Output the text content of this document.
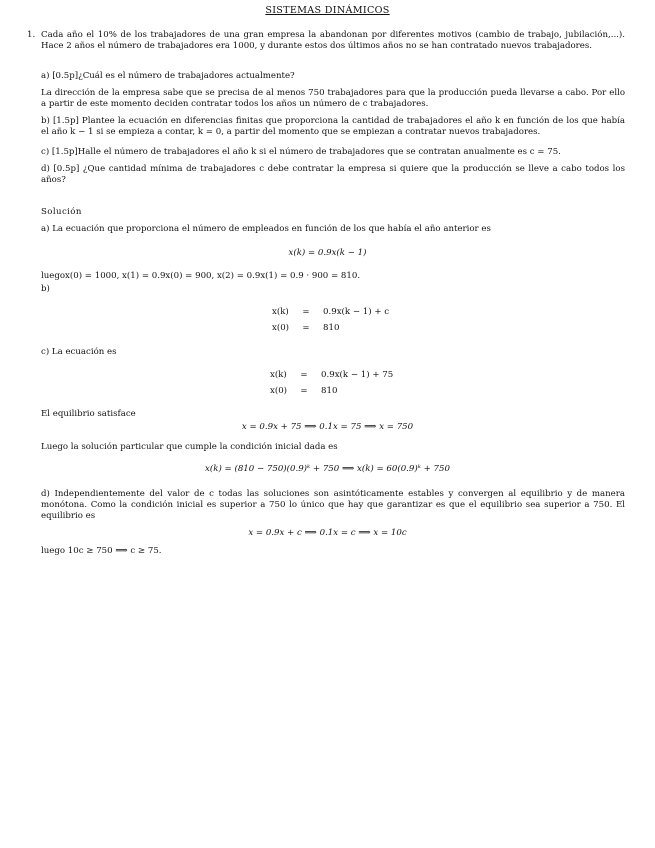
SISTEMAS DINÁMICOS
1. Cada año el 10% de los trabajadores de una gran empresa la abandonan por diferentes motivos (cambio de trabajo, jubilación,...). Hace 2 años el número de trabajadores era 1000, y durante estos dos últimos años no se han contratado nuevos trabajadores.
a) [0.5p]¿Cuál es el número de trabajadores actualmente?
La dirección de la empresa sabe que se precisa de al menos 750 trabajadores para que la producción pueda llevarse a cabo. Por ello a partir de este momento deciden contratar todos los años un número de c trabajadores.
b) [1.5p] Plantee la ecuación en diferencias finitas que proporciona la cantidad de trabajadores el año k en función de los que había el año k − 1 si se empieza a contar, k = 0, a partir del momento que se empiezan a contratar nuevos trabajadores.
c) [1.5p]Halle el número de trabajadores el año k si el número de trabajadores que se contratan anualmente es c = 75.
d) [0.5p] ¿Que cantidad mínima de trabajadores c debe contratar la empresa si quiere que la producción se lleve a cabo todos los años?
Solución
a) La ecuación que proporciona el número de empleados en función de los que había el año anterior es
x(k) = 0.9x(k − 1)
luegox(0) = 1000, x(1) = 0.9x(0) = 900, x(2) = 0.9x(1) = 0.9 · 900 = 810.
b)
x(k)	=	0.9x(k − 1) + c
x(0)	=	810
c) La ecuación es
x(k)	=	0.9x(k − 1) + 75
x(0)	=	810
El equilibrio satisface
x = 0.9x + 75 ⟹ 0.1x = 75 ⟹ x = 750
Luego la solución particular que cumple la condición inicial dada es
x(k) = (810 − 750)(0.9)ᵏ + 750 ⟹ x(k) = 60(0.9)ᵏ + 750
d) Independientemente del valor de c todas las soluciones son asintóticamente estables y convergen al equilibrio y de manera monótona. Como la condición inicial es superior a 750 lo único que hay que garantizar es que el equilibrio sea superior a 750. El equilibrio es
x = 0.9x + c ⟹ 0.1x = c ⟹ x = 10c
luego 10c ≥ 750 ⟹ c ≥ 75.
